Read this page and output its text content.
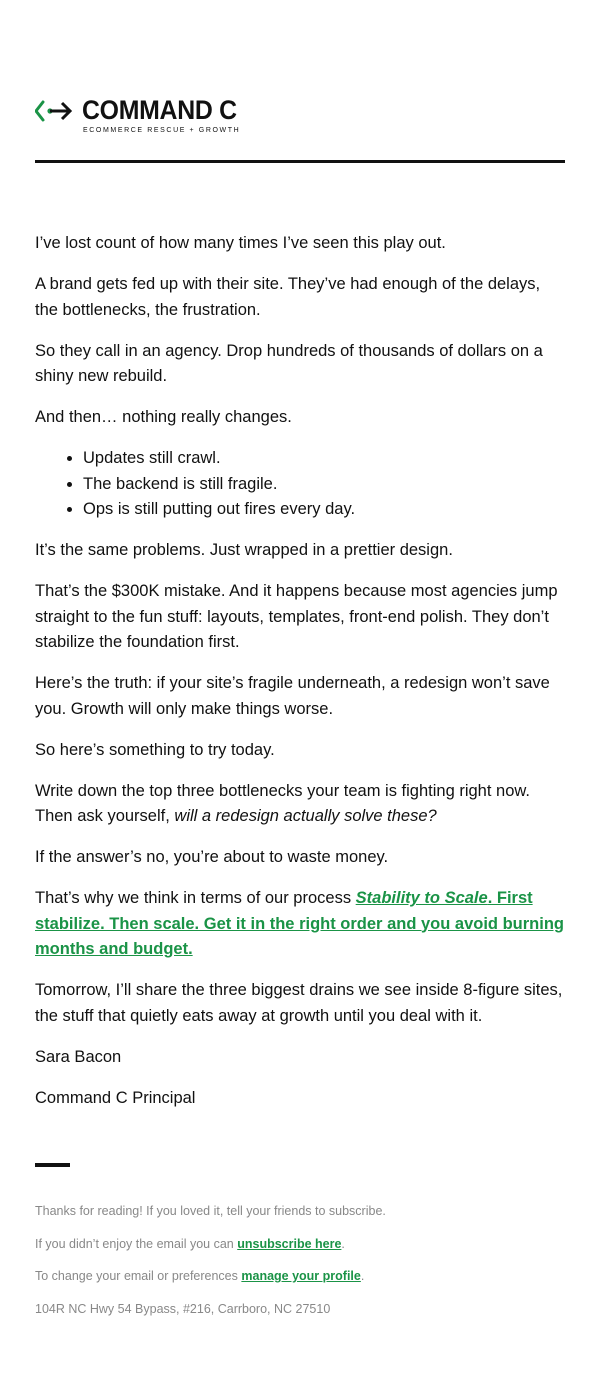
COMMAND C
ECOMMERCE RESCUE + GROWTH

I’ve lost count of how many times I’ve seen this play out.

A brand gets fed up with their site. They’ve had enough of the delays, the bottlenecks, the frustration.

So they call in an agency. Drop hundreds of thousands of dollars on a shiny new rebuild.

And then… nothing really changes.

• Updates still crawl.
• The backend is still fragile.
• Ops is still putting out fires every day.

It’s the same problems. Just wrapped in a prettier design.

That’s the $300K mistake. And it happens because most agencies jump straight to the fun stuff: layouts, templates, front-end polish. They don’t stabilize the foundation first.

Here’s the truth: if your site’s fragile underneath, a redesign won’t save you. Growth will only make things worse.

So here’s something to try today.

Write down the top three bottlenecks your team is fighting right now. Then ask yourself, will a redesign actually solve these?

If the answer’s no, you’re about to waste money.

That’s why we think in terms of our process Stability to Scale. First stabilize. Then scale. Get it in the right order and you avoid burning months and budget.

Tomorrow, I’ll share the three biggest drains we see inside 8-figure sites, the stuff that quietly eats away at growth until you deal with it.

Sara Bacon

Command C Principal

Thanks for reading! If you loved it, tell your friends to subscribe.

If you didn’t enjoy the email you can unsubscribe here.

To change your email or preferences manage your profile.

104R NC Hwy 54 Bypass, #216, Carrboro, NC 27510
